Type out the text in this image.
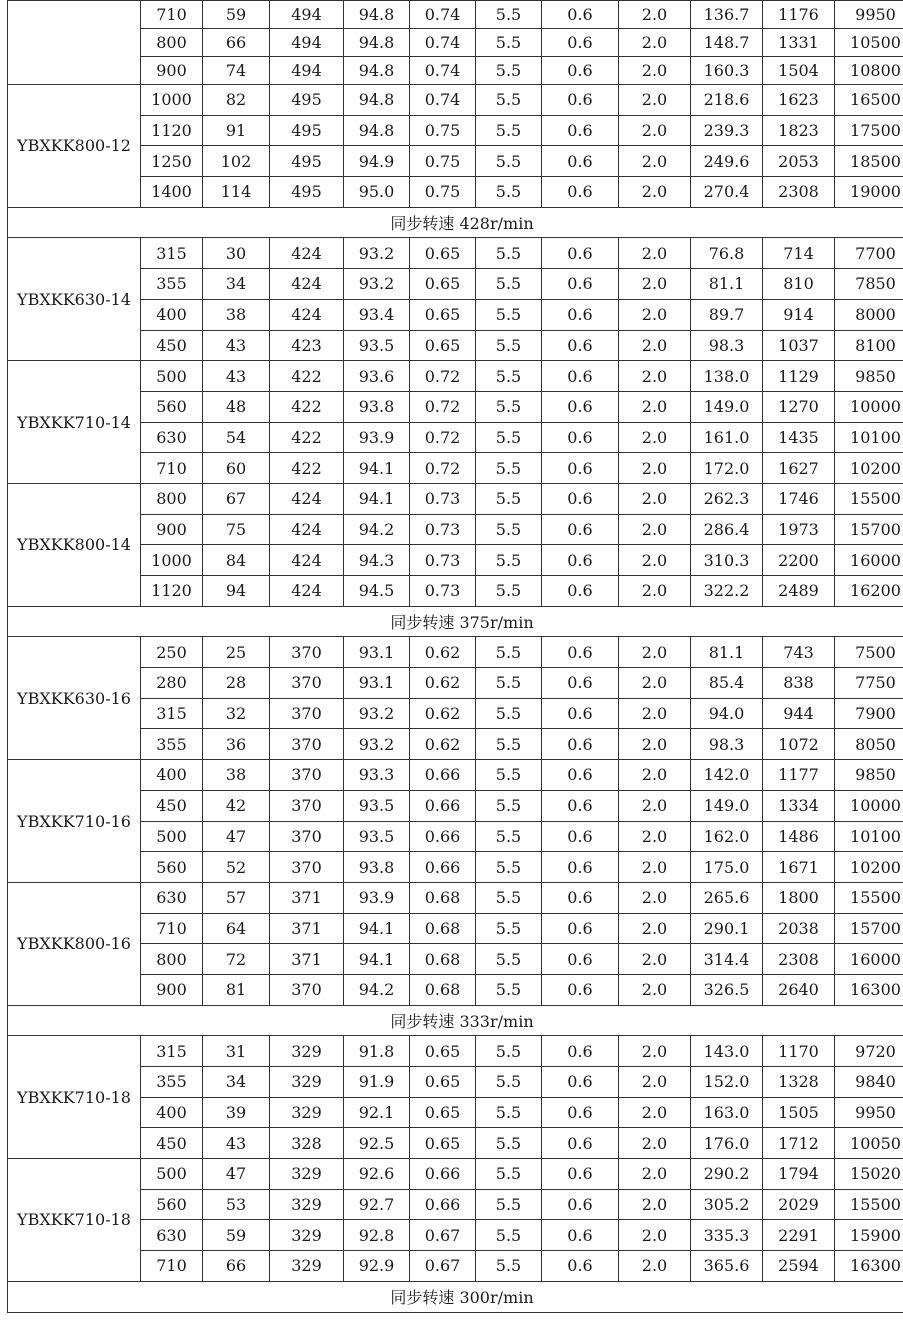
	710	59	494	94.8	0.74	5.5	0.6	2.0	136.7	1176	9950
	800	66	494	94.8	0.74	5.5	0.6	2.0	148.7	1331	10500
	900	74	494	94.8	0.74	5.5	0.6	2.0	160.3	1504	10800
YBXKK800-12	1000	82	495	94.8	0.74	5.5	0.6	2.0	218.6	1623	16500
	1120	91	495	94.8	0.75	5.5	0.6	2.0	239.3	1823	17500
	1250	102	495	94.9	0.75	5.5	0.6	2.0	249.6	2053	18500
	1400	114	495	95.0	0.75	5.5	0.6	2.0	270.4	2308	19000
同步转速 428r/min											
YBXKK630-14	315	30	424	93.2	0.65	5.5	0.6	2.0	76.8	714	7700
	355	34	424	93.2	0.65	5.5	0.6	2.0	81.1	810	7850
	400	38	424	93.4	0.65	5.5	0.6	2.0	89.7	914	8000
	450	43	423	93.5	0.65	5.5	0.6	2.0	98.3	1037	8100
YBXKK710-14	500	43	422	93.6	0.72	5.5	0.6	2.0	138.0	1129	9850
	560	48	422	93.8	0.72	5.5	0.6	2.0	149.0	1270	10000
	630	54	422	93.9	0.72	5.5	0.6	2.0	161.0	1435	10100
	710	60	422	94.1	0.72	5.5	0.6	2.0	172.0	1627	10200
YBXKK800-14	800	67	424	94.1	0.73	5.5	0.6	2.0	262.3	1746	15500
	900	75	424	94.2	0.73	5.5	0.6	2.0	286.4	1973	15700
	1000	84	424	94.3	0.73	5.5	0.6	2.0	310.3	2200	16000
	1120	94	424	94.5	0.73	5.5	0.6	2.0	322.2	2489	16200
同步转速 375r/min											
YBXKK630-16	250	25	370	93.1	0.62	5.5	0.6	2.0	81.1	743	7500
	280	28	370	93.1	0.62	5.5	0.6	2.0	85.4	838	7750
	315	32	370	93.2	0.62	5.5	0.6	2.0	94.0	944	7900
	355	36	370	93.2	0.62	5.5	0.6	2.0	98.3	1072	8050
YBXKK710-16	400	38	370	93.3	0.66	5.5	0.6	2.0	142.0	1177	9850
	450	42	370	93.5	0.66	5.5	0.6	2.0	149.0	1334	10000
	500	47	370	93.5	0.66	5.5	0.6	2.0	162.0	1486	10100
	560	52	370	93.8	0.66	5.5	0.6	2.0	175.0	1671	10200
YBXKK800-16	630	57	371	93.9	0.68	5.5	0.6	2.0	265.6	1800	15500
	710	64	371	94.1	0.68	5.5	0.6	2.0	290.1	2038	15700
	800	72	371	94.1	0.68	5.5	0.6	2.0	314.4	2308	16000
	900	81	370	94.2	0.68	5.5	0.6	2.0	326.5	2640	16300
同步转速 333r/min											
YBXKK710-18	315	31	329	91.8	0.65	5.5	0.6	2.0	143.0	1170	9720
	355	34	329	91.9	0.65	5.5	0.6	2.0	152.0	1328	9840
	400	39	329	92.1	0.65	5.5	0.6	2.0	163.0	1505	9950
	450	43	328	92.5	0.65	5.5	0.6	2.0	176.0	1712	10050
YBXKK710-18	500	47	329	92.6	0.66	5.5	0.6	2.0	290.2	1794	15020
	560	53	329	92.7	0.66	5.5	0.6	2.0	305.2	2029	15500
	630	59	329	92.8	0.67	5.5	0.6	2.0	335.3	2291	15900
	710	66	329	92.9	0.67	5.5	0.6	2.0	365.6	2594	16300
同步转速 300r/min											
